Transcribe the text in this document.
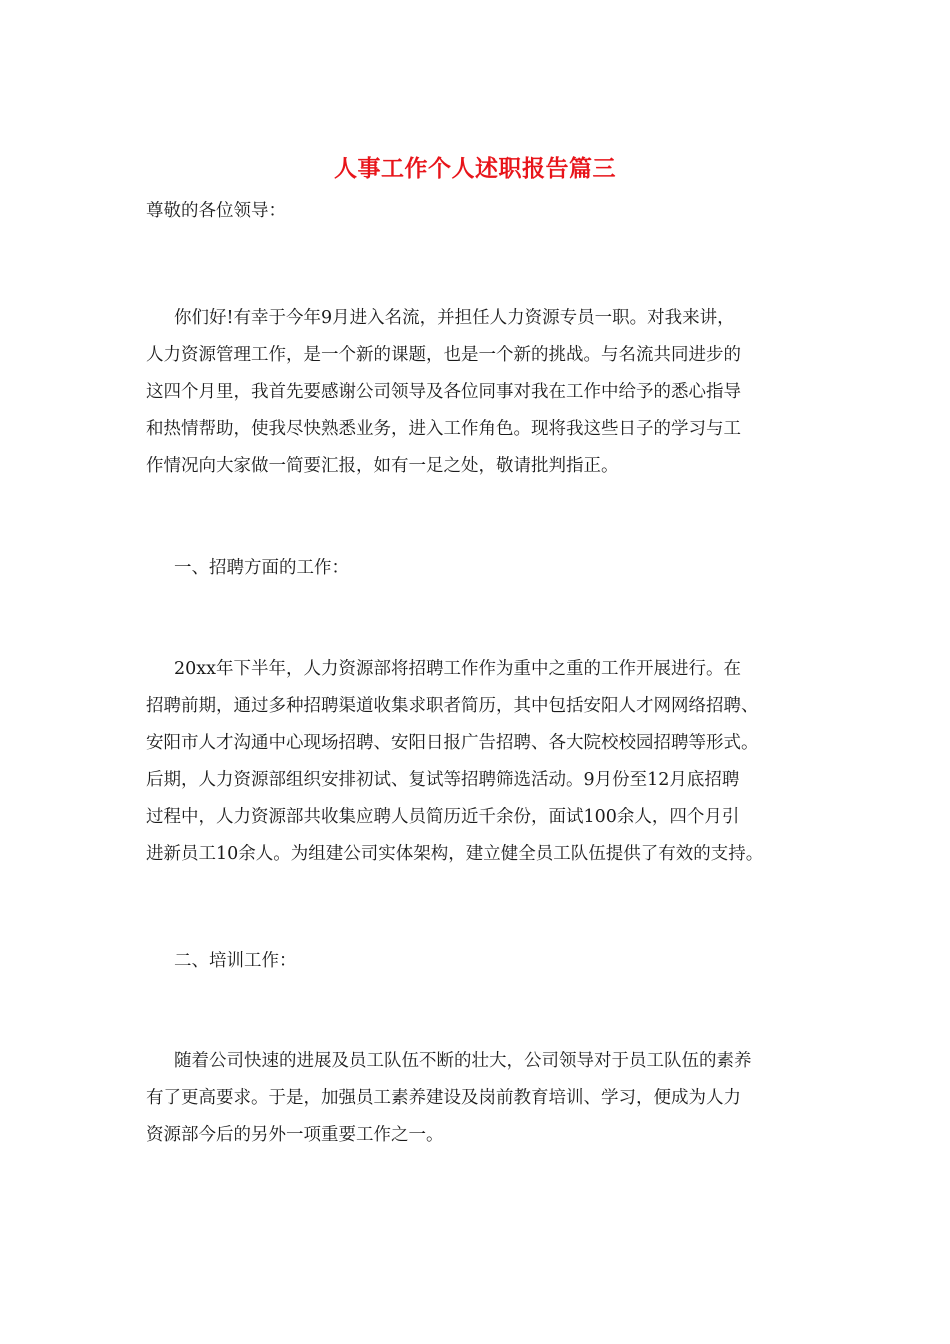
人事工作个人述职报告篇三
尊敬的各位领导：
你们好!有幸于今年9月进入名流，并担任人力资源专员一职。对我来讲，
人力资源管理工作，是一个新的课题，也是一个新的挑战。与名流共同进步的
这四个月里，我首先要感谢公司领导及各位同事对我在工作中给予的悉心指导
和热情帮助，使我尽快熟悉业务，进入工作角色。现将我这些日子的学习与工
作情况向大家做一简要汇报，如有一足之处，敬请批判指正。
一、招聘方面的工作：
20xx年下半年，人力资源部将招聘工作作为重中之重的工作开展进行。在
招聘前期，通过多种招聘渠道收集求职者简历，其中包括安阳人才网网络招聘、
安阳市人才沟通中心现场招聘、安阳日报广告招聘、各大院校校园招聘等形式。
后期，人力资源部组织安排初试、复试等招聘筛选活动。9月份至12月底招聘
过程中，人力资源部共收集应聘人员简历近千余份，面试100余人，四个月引
进新员工10余人。为组建公司实体架构，建立健全员工队伍提供了有效的支持。
二、培训工作：
随着公司快速的进展及员工队伍不断的壮大，公司领导对于员工队伍的素养
有了更高要求。于是，加强员工素养建设及岗前教育培训、学习，便成为人力
资源部今后的另外一项重要工作之一。
